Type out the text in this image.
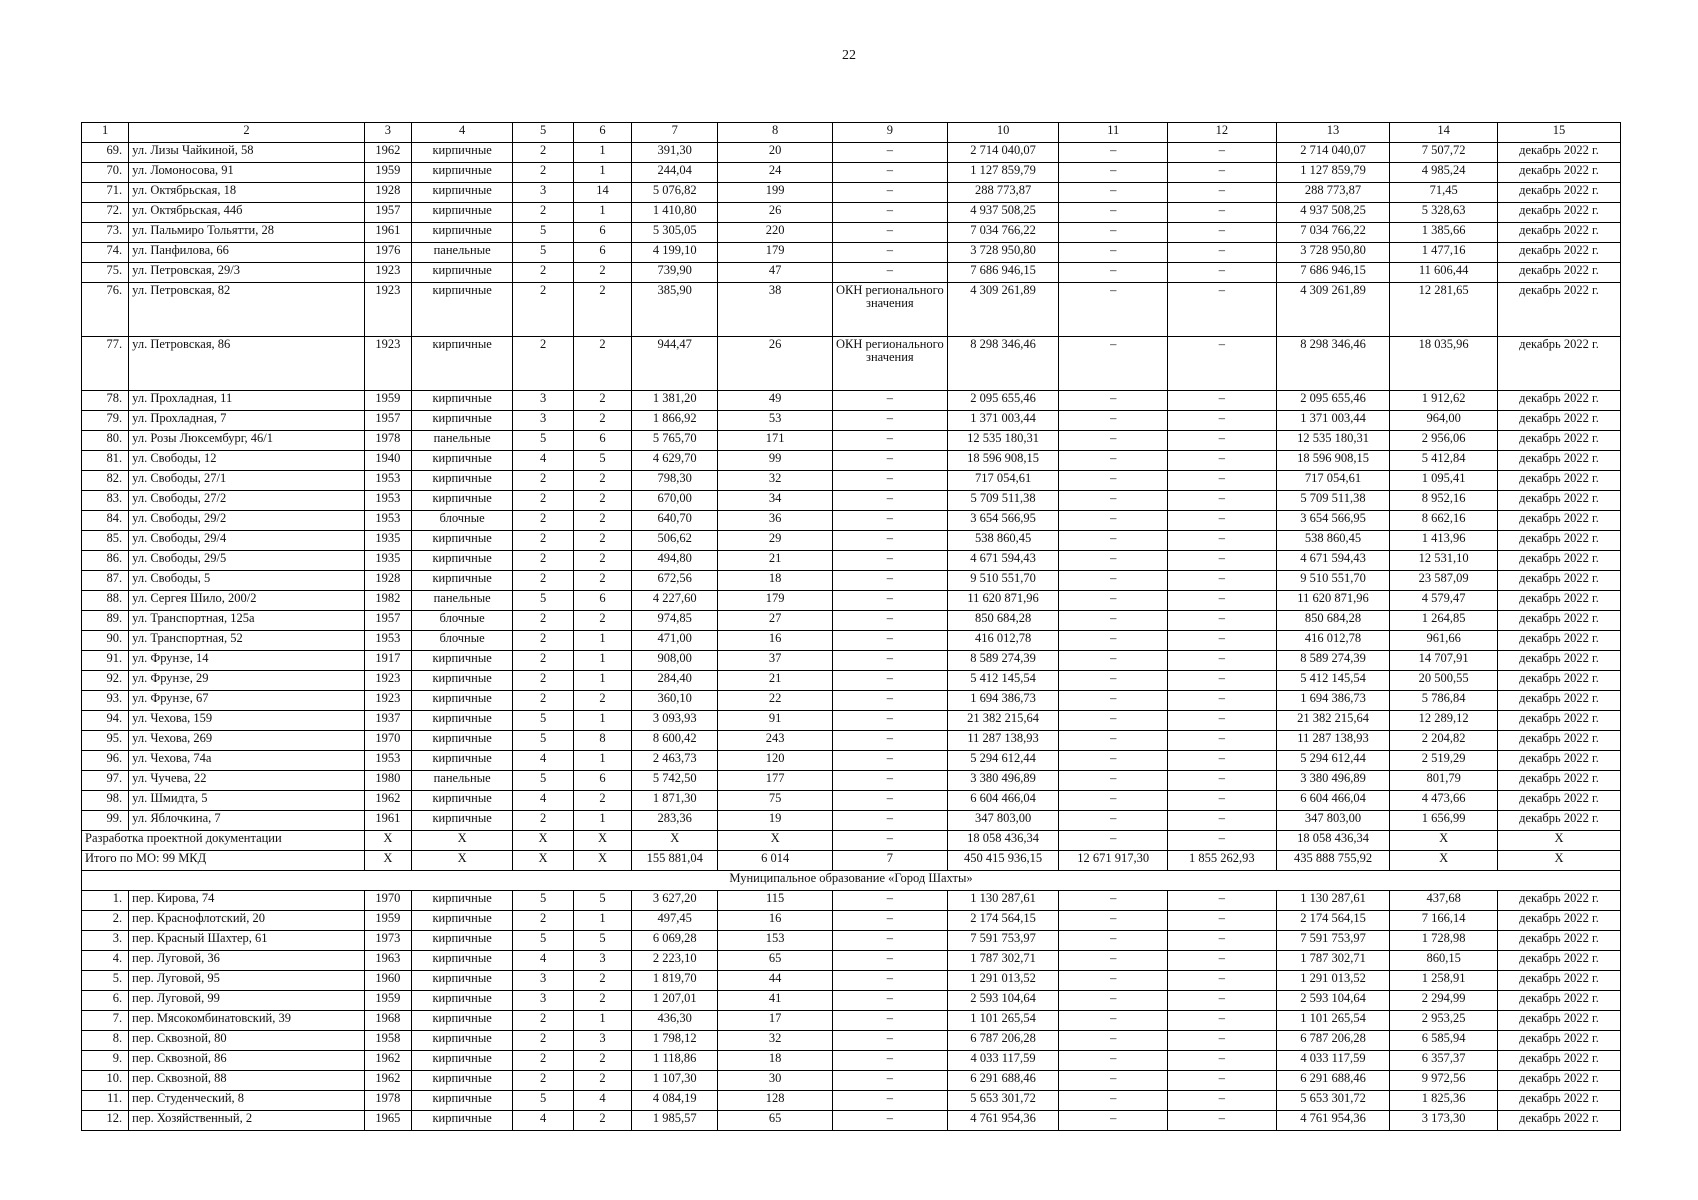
22
1	2	3	4	5	6	7	8	9	10	11	12	13	14	15
69.	ул. Лизы Чайкиной, 58	1962	кирпичные	2	1	391,30	20	–	2 714 040,07	–	–	2 714 040,07	7 507,72	декабрь 2022 г.
70.	ул. Ломоносова, 91	1959	кирпичные	2	1	244,04	24	–	1 127 859,79	–	–	1 127 859,79	4 985,24	декабрь 2022 г.
71.	ул. Октябрьская, 18	1928	кирпичные	3	14	5 076,82	199	–	288 773,87	–	–	288 773,87	71,45	декабрь 2022 г.
72.	ул. Октябрьская, 44б	1957	кирпичные	2	1	1 410,80	26	–	4 937 508,25	–	–	4 937 508,25	5 328,63	декабрь 2022 г.
73.	ул. Пальмиро Тольятти, 28	1961	кирпичные	5	6	5 305,05	220	–	7 034 766,22	–	–	7 034 766,22	1 385,66	декабрь 2022 г.
74.	ул. Панфилова, 66	1976	панельные	5	6	4 199,10	179	–	3 728 950,80	–	–	3 728 950,80	1 477,16	декабрь 2022 г.
75.	ул. Петровская, 29/3	1923	кирпичные	2	2	739,90	47	–	7 686 946,15	–	–	7 686 946,15	11 606,44	декабрь 2022 г.
76.	ул. Петровская, 82	1923	кирпичные	2	2	385,90	38	ОКН регионального значения	4 309 261,89	–	–	4 309 261,89	12 281,65	декабрь 2022 г.
77.	ул. Петровская, 86	1923	кирпичные	2	2	944,47	26	ОКН регионального значения	8 298 346,46	–	–	8 298 346,46	18 035,96	декабрь 2022 г.
78.	ул. Прохладная, 11	1959	кирпичные	3	2	1 381,20	49	–	2 095 655,46	–	–	2 095 655,46	1 912,62	декабрь 2022 г.
79.	ул. Прохладная, 7	1957	кирпичные	3	2	1 866,92	53	–	1 371 003,44	–	–	1 371 003,44	964,00	декабрь 2022 г.
80.	ул. Розы Люксембург, 46/1	1978	панельные	5	6	5 765,70	171	–	12 535 180,31	–	–	12 535 180,31	2 956,06	декабрь 2022 г.
81.	ул. Свободы, 12	1940	кирпичные	4	5	4 629,70	99	–	18 596 908,15	–	–	18 596 908,15	5 412,84	декабрь 2022 г.
82.	ул. Свободы, 27/1	1953	кирпичные	2	2	798,30	32	–	717 054,61	–	–	717 054,61	1 095,41	декабрь 2022 г.
83.	ул. Свободы, 27/2	1953	кирпичные	2	2	670,00	34	–	5 709 511,38	–	–	5 709 511,38	8 952,16	декабрь 2022 г.
84.	ул. Свободы, 29/2	1953	блочные	2	2	640,70	36	–	3 654 566,95	–	–	3 654 566,95	8 662,16	декабрь 2022 г.
85.	ул. Свободы, 29/4	1935	кирпичные	2	2	506,62	29	–	538 860,45	–	–	538 860,45	1 413,96	декабрь 2022 г.
86.	ул. Свободы, 29/5	1935	кирпичные	2	2	494,80	21	–	4 671 594,43	–	–	4 671 594,43	12 531,10	декабрь 2022 г.
87.	ул. Свободы, 5	1928	кирпичные	2	2	672,56	18	–	9 510 551,70	–	–	9 510 551,70	23 587,09	декабрь 2022 г.
88.	ул. Сергея Шило, 200/2	1982	панельные	5	6	4 227,60	179	–	11 620 871,96	–	–	11 620 871,96	4 579,47	декабрь 2022 г.
89.	ул. Транспортная, 125а	1957	блочные	2	2	974,85	27	–	850 684,28	–	–	850 684,28	1 264,85	декабрь 2022 г.
90.	ул. Транспортная, 52	1953	блочные	2	1	471,00	16	–	416 012,78	–	–	416 012,78	961,66	декабрь 2022 г.
91.	ул. Фрунзе, 14	1917	кирпичные	2	1	908,00	37	–	8 589 274,39	–	–	8 589 274,39	14 707,91	декабрь 2022 г.
92.	ул. Фрунзе, 29	1923	кирпичные	2	1	284,40	21	–	5 412 145,54	–	–	5 412 145,54	20 500,55	декабрь 2022 г.
93.	ул. Фрунзе, 67	1923	кирпичные	2	2	360,10	22	–	1 694 386,73	–	–	1 694 386,73	5 786,84	декабрь 2022 г.
94.	ул. Чехова, 159	1937	кирпичные	5	1	3 093,93	91	–	21 382 215,64	–	–	21 382 215,64	12 289,12	декабрь 2022 г.
95.	ул. Чехова, 269	1970	кирпичные	5	8	8 600,42	243	–	11 287 138,93	–	–	11 287 138,93	2 204,82	декабрь 2022 г.
96.	ул. Чехова, 74а	1953	кирпичные	4	1	2 463,73	120	–	5 294 612,44	–	–	5 294 612,44	2 519,29	декабрь 2022 г.
97.	ул. Чучева, 22	1980	панельные	5	6	5 742,50	177	–	3 380 496,89	–	–	3 380 496,89	801,79	декабрь 2022 г.
98.	ул. Шмидта, 5	1962	кирпичные	4	2	1 871,30	75	–	6 604 466,04	–	–	6 604 466,04	4 473,66	декабрь 2022 г.
99.	ул. Яблочкина, 7	1961	кирпичные	2	1	283,36	19	–	347 803,00	–	–	347 803,00	1 656,99	декабрь 2022 г.
Разработка проектной документации		X	X	X	X	X	X	–	18 058 436,34	–	–	18 058 436,34	X	X
Итого по МО: 99 МКД		X	X	X	X	155 881,04	6 014	7	450 415 936,15	12 671 917,30	1 855 262,93	435 888 755,92	X	X
Муниципальное образование «Город Шахты»														
1.	пер. Кирова, 74	1970	кирпичные	5	5	3 627,20	115	–	1 130 287,61	–	–	1 130 287,61	437,68	декабрь 2022 г.
2.	пер. Краснофлотский, 20	1959	кирпичные	2	1	497,45	16	–	2 174 564,15	–	–	2 174 564,15	7 166,14	декабрь 2022 г.
3.	пер. Красный Шахтер, 61	1973	кирпичные	5	5	6 069,28	153	–	7 591 753,97	–	–	7 591 753,97	1 728,98	декабрь 2022 г.
4.	пер. Луговой, 36	1963	кирпичные	4	3	2 223,10	65	–	1 787 302,71	–	–	1 787 302,71	860,15	декабрь 2022 г.
5.	пер. Луговой, 95	1960	кирпичные	3	2	1 819,70	44	–	1 291 013,52	–	–	1 291 013,52	1 258,91	декабрь 2022 г.
6.	пер. Луговой, 99	1959	кирпичные	3	2	1 207,01	41	–	2 593 104,64	–	–	2 593 104,64	2 294,99	декабрь 2022 г.
7.	пер. Мясокомбинатовский, 39	1968	кирпичные	2	1	436,30	17	–	1 101 265,54	–	–	1 101 265,54	2 953,25	декабрь 2022 г.
8.	пер. Сквозной, 80	1958	кирпичные	2	3	1 798,12	32	–	6 787 206,28	–	–	6 787 206,28	6 585,94	декабрь 2022 г.
9.	пер. Сквозной, 86	1962	кирпичные	2	2	1 118,86	18	–	4 033 117,59	–	–	4 033 117,59	6 357,37	декабрь 2022 г.
10.	пер. Сквозной, 88	1962	кирпичные	2	2	1 107,30	30	–	6 291 688,46	–	–	6 291 688,46	9 972,56	декабрь 2022 г.
11.	пер. Студенческий, 8	1978	кирпичные	5	4	4 084,19	128	–	5 653 301,72	–	–	5 653 301,72	1 825,36	декабрь 2022 г.
12.	пер. Хозяйственный, 2	1965	кирпичные	4	2	1 985,57	65	–	4 761 954,36	–	–	4 761 954,36	3 173,30	декабрь 2022 г.
